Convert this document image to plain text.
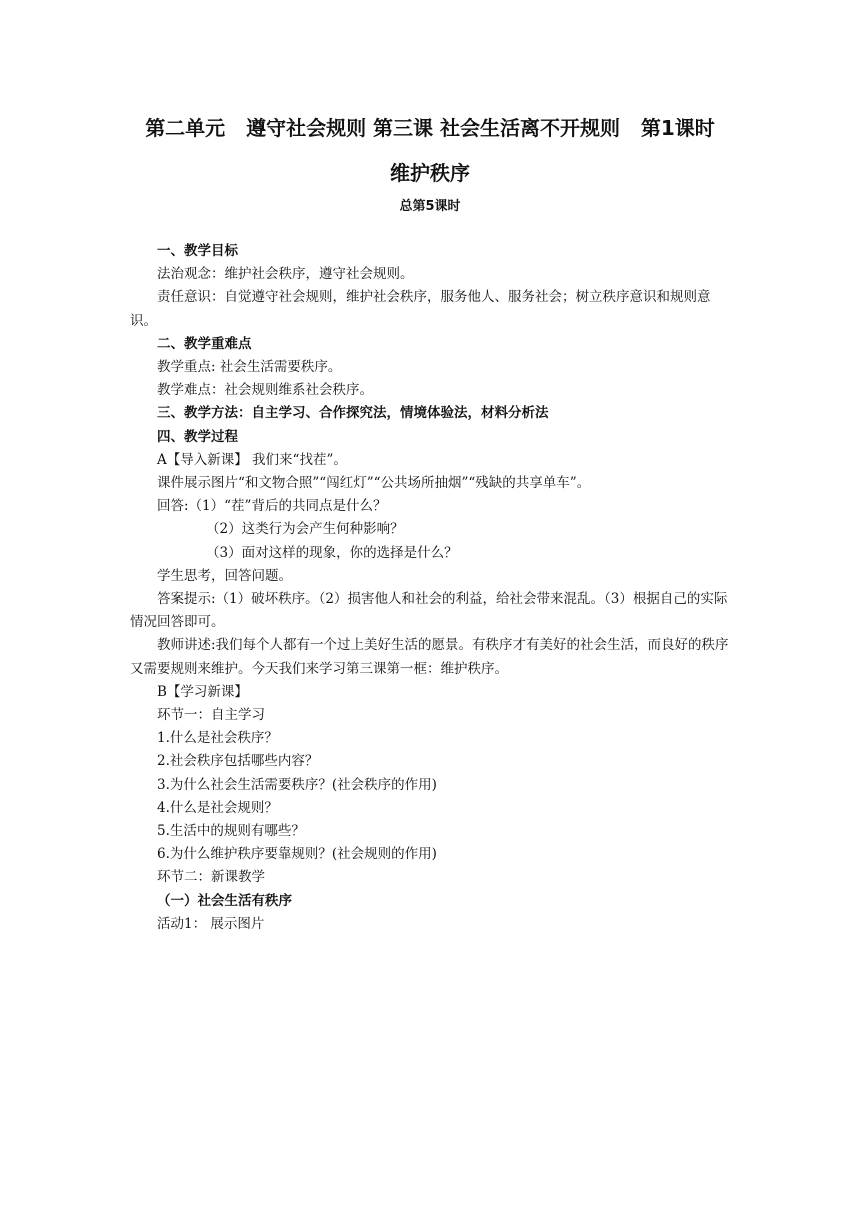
第二单元   遵守社会规则 第三课 社会生活离不开规则   第1课时
维护秩序
总第5课时

一、教学目标

法治观念：维护社会秩序，遵守社会规则。

责任意识：自觉遵守社会规则，维护社会秩序，服务他人、服务社会；树立秩序意识和规则意识。

二、教学重难点

教学重点: 社会生活需要秩序。

教学难点：社会规则维系社会秩序。

三、教学方法：自主学习、合作探究法，情境体验法，材料分析法

四、教学过程

A【导入新课】 我们来“找茬”。

课件展示图片“和文物合照”“闯红灯”“公共场所抽烟”“残缺的共享单车”。

回答:（1）“茬”背后的共同点是什么？

（2）这类行为会产生何种影响？

（3）面对这样的现象，你的选择是什么？

学生思考，回答问题。

答案提示:（1）破坏秩序。（2）损害他人和社会的利益，给社会带来混乱。（3）根据自己的实际情况回答即可。

教师讲述:我们每个人都有一个过上美好生活的愿景。有秩序才有美好的社会生活，而良好的秩序又需要规则来维护。今天我们来学习第三课第一框：维护秩序。

B【学习新课】

环节一：自主学习

1.什么是社会秩序？

2.社会秩序包括哪些内容？

3.为什么社会生活需要秩序？(社会秩序的作用)

4.什么是社会规则？

5.生活中的规则有哪些？

6.为什么维护秩序要靠规则？(社会规则的作用)

环节二：新课教学

（一）社会生活有秩序

活动1： 展示图片
